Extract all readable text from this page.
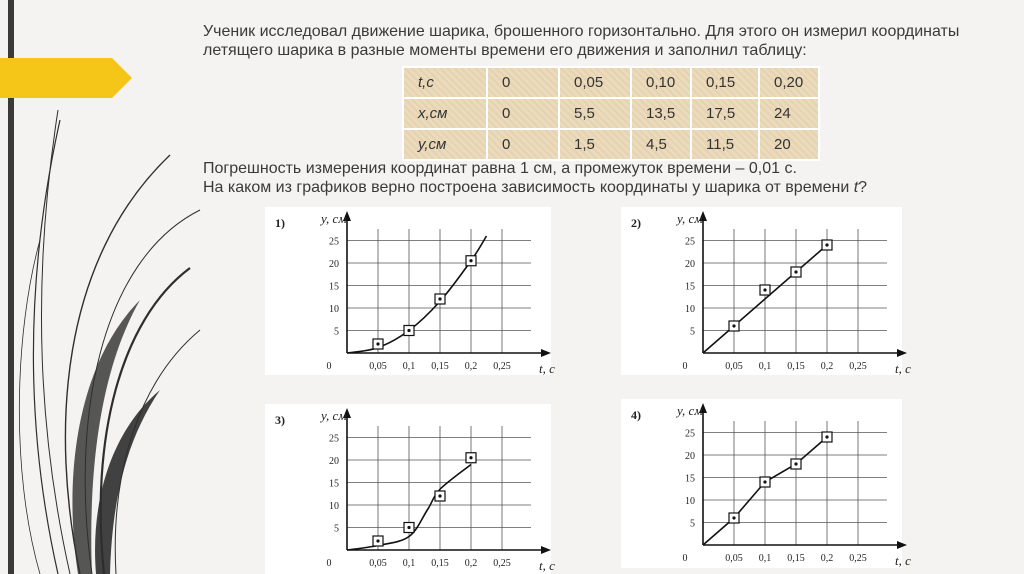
Ученик исследовал движение шарика, брошенного горизонтально. Для этого он измерил координаты летящего шарика в разные моменты времени его движения и заполнил таблицу:

t,c	0	0,05	0,10	0,15	0,20
x,см	0	5,5	13,5	17,5	24
y,см	0	1,5	4,5	11,5	20

Погрешность измерения координат равна 1 см, а промежуток времени – 0,01 с.
На каком из графиков верно построена зависимость координаты у шарика от времени t?

1)	y, см
t, с
5
10
15
20
25
0	0,05 0,1 0,15 0,2 0,25
2)	y, см
t, с
5
10
15
20
25
0	0,05 0,1 0,15 0,2 0,25
3)	y, см
t, с
5
10
15
20
25
0	0,05 0,1 0,15 0,2 0,25
4)	y, см
t, с
5
10
15
20
25
0	0,05 0,1 0,15 0,2 0,25
